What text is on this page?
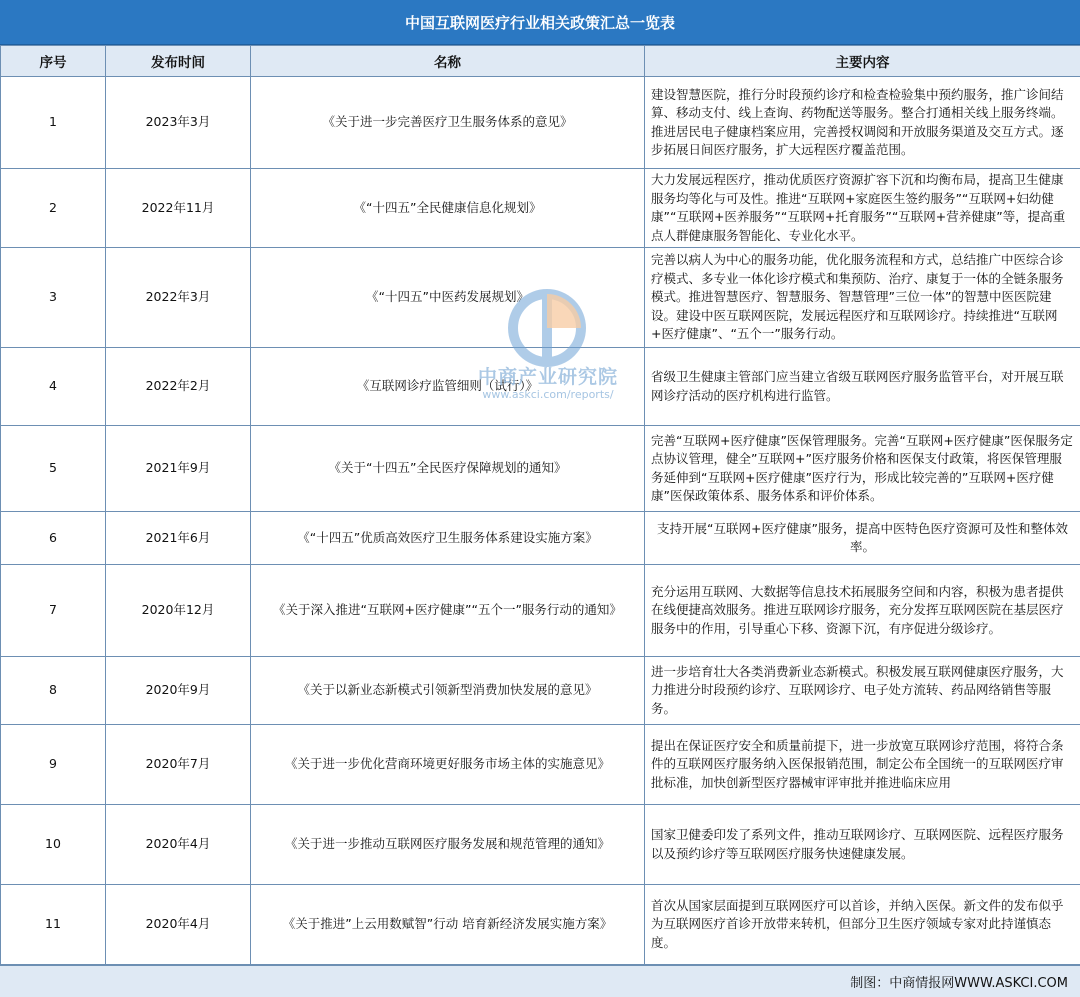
中国互联网医疗行业相关政策汇总一览表
序号	发布时间	名称	主要内容
1	2023年3月	《关于进一步完善医疗卫生服务体系的意见》	建设智慧医院，推行分时段预约诊疗和检查检验集中预约服务，推广诊间结算、移动支付、线上查询、药物配送等服务。整合打通相关线上服务终端。推进居民电子健康档案应用，完善授权调阅和开放服务渠道及交互方式。逐步拓展日间医疗服务，扩大远程医疗覆盖范围。
2	2022年11月	《“十四五”全民健康信息化规划》	大力发展远程医疗，推动优质医疗资源扩容下沉和均衡布局，提高卫生健康服务均等化与可及性。推进“互联网+家庭医生签约服务”“互联网+妇幼健康”“互联网+医养服务”“互联网+托育服务”“互联网+营养健康”等，提高重点人群健康服务智能化、专业化水平。
3	2022年3月	《“十四五”中医药发展规划》	完善以病人为中心的服务功能，优化服务流程和方式，总结推广中医综合诊疗模式、多专业一体化诊疗模式和集预防、治疗、康复于一体的全链条服务模式。推进智慧医疗、智慧服务、智慧管理”三位一体”的智慧中医医院建设。建设中医互联网医院，发展远程医疗和互联网诊疗。持续推进“互联网+医疗健康”、“五个一”服务行动。
4	2022年2月	《互联网诊疗监管细则（试行）》	省级卫生健康主管部门应当建立省级互联网医疗服务监管平台，对开展互联网诊疗活动的医疗机构进行监管。
5	2021年9月	《关于“十四五”全民医疗保障规划的通知》	完善“互联网+医疗健康”医保管理服务。完善“互联网+医疗健康”医保服务定点协议管理，健全”互联网+”医疗服务价格和医保支付政策，将医保管理服务延伸到“互联网+医疗健康”医疗行为，形成比较完善的”互联网+医疗健康”医保政策体系、服务体系和评价体系。
6	2021年6月	《“十四五”优质高效医疗卫生服务体系建设实施方案》	支持开展“互联网+医疗健康”服务，提高中医特色医疗资源可及性和整体效率。
7	2020年12月	《关于深入推进“互联网+医疗健康”“五个一”服务行动的通知》	充分运用互联网、大数据等信息技术拓展服务空间和内容，积极为患者提供在线便捷高效服务。推进互联网诊疗服务，充分发挥互联网医院在基层医疗服务中的作用，引导重心下移、资源下沉，有序促进分级诊疗。
8	2020年9月	《关于以新业态新模式引领新型消费加快发展的意见》	进一步培育壮大各类消费新业态新模式。积极发展互联网健康医疗服务，大力推进分时段预约诊疗、互联网诊疗、电子处方流转、药品网络销售等服务。
9	2020年7月	《关于进一步优化营商环境更好服务市场主体的实施意见》	提出在保证医疗安全和质量前提下，进一步放宽互联网诊疗范围，将符合条件的互联网医疗服务纳入医保报销范围，制定公布全国统一的互联网医疗审批标准，加快创新型医疗器械审评审批并推进临床应用
10	2020年4月	《关于进一步推动互联网医疗服务发展和规范管理的通知》	国家卫健委印发了系列文件，推动互联网诊疗、互联网医院、远程医疗服务以及预约诊疗等互联网医疗服务快速健康发展。
11	2020年4月	《关于推进”上云用数赋智”行动 培育新经济发展实施方案》	首次从国家层面提到互联网医疗可以首诊，并纳入医保。新文件的发布似乎为互联网医疗首诊开放带来转机，但部分卫生医疗领域专家对此持谨慎态度。
中商产业研究院
www.askci.com/reports/
制图：中商情报网WWW.ASKCI.COM
